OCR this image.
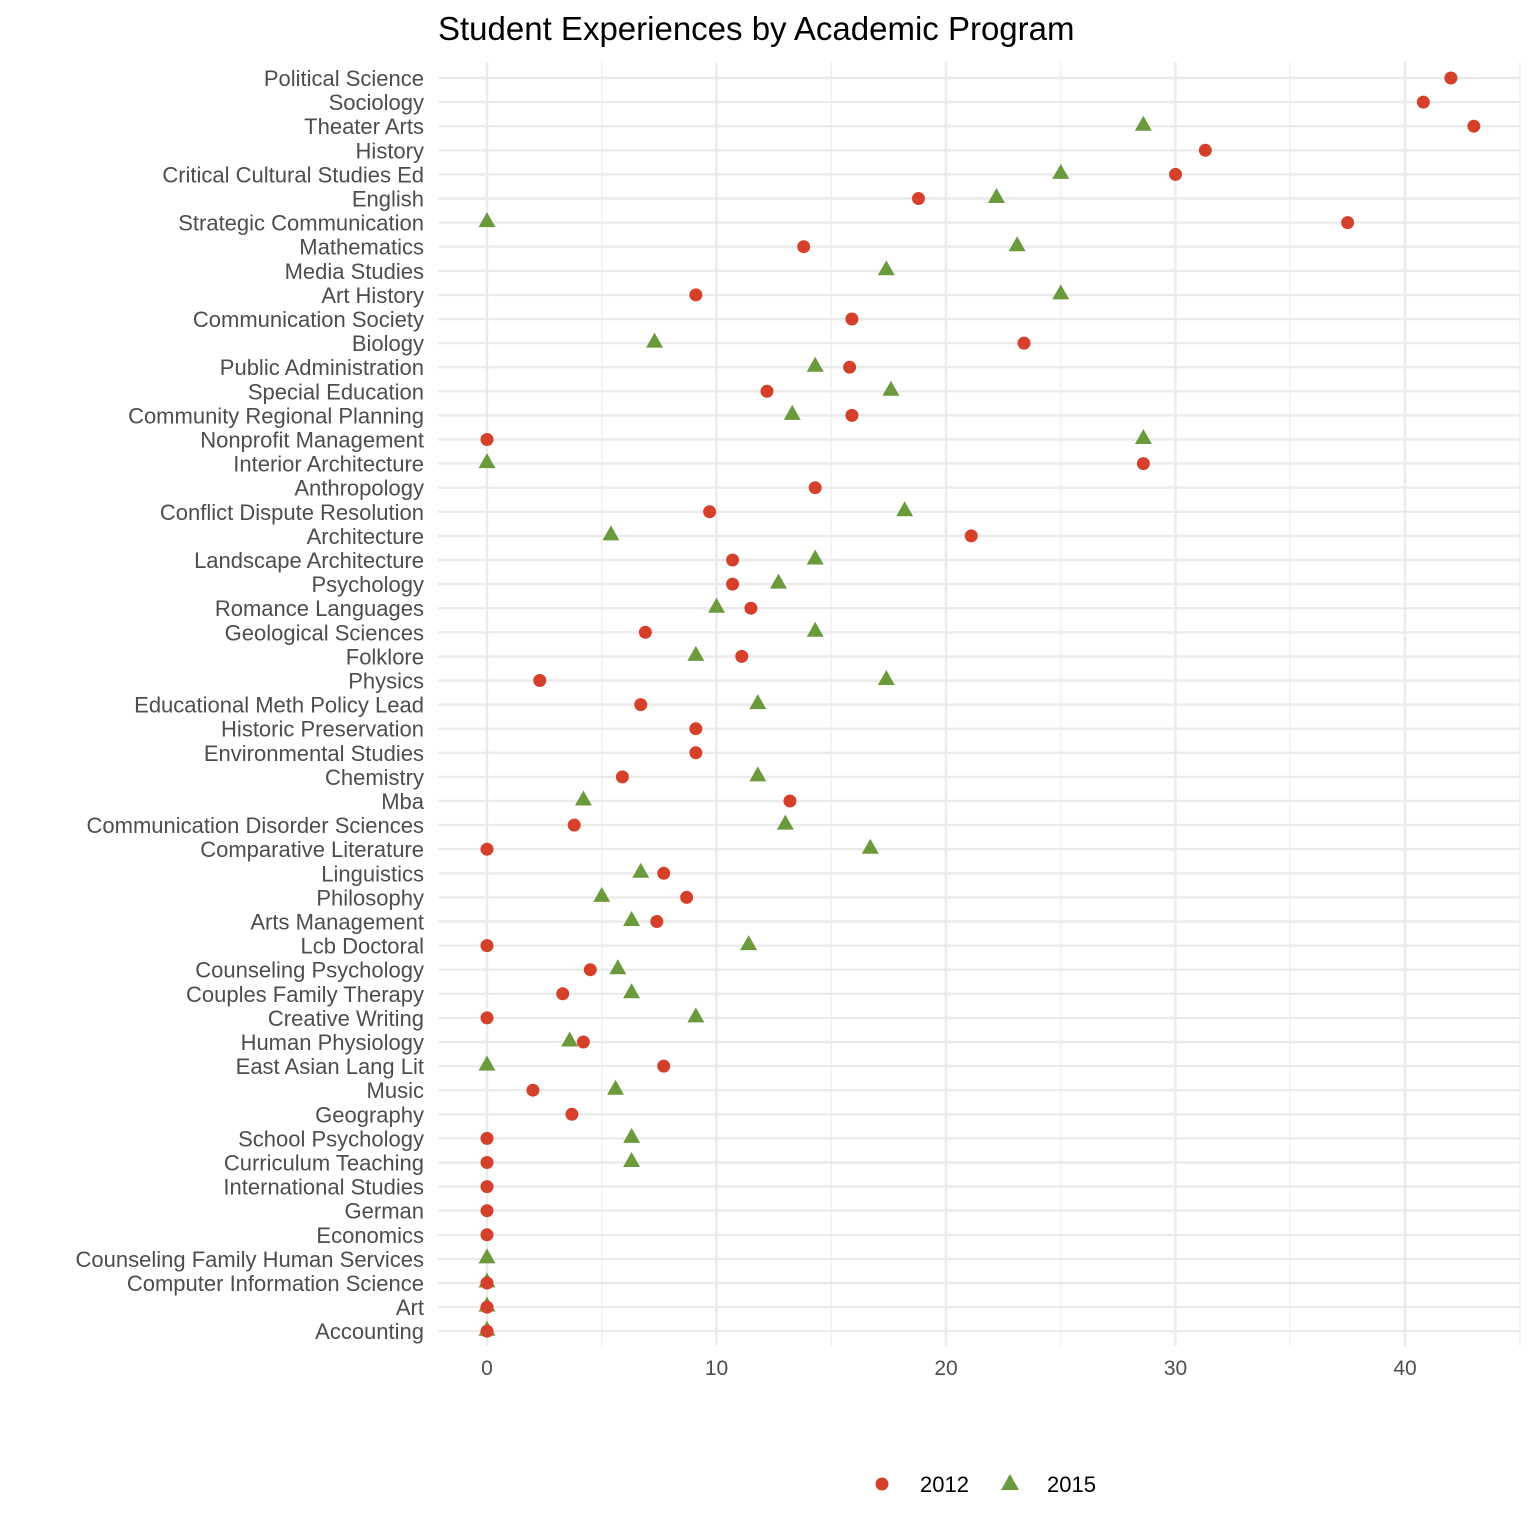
Student Experiences by Academic Program
Political Science
Sociology
Theater Arts
History
Critical Cultural Studies Ed
English
Strategic Communication
Mathematics
Media Studies
Art History
Communication Society
Biology
Public Administration
Special Education
Community Regional Planning
Nonprofit Management
Interior Architecture
Anthropology
Conflict Dispute Resolution
Architecture
Landscape Architecture
Psychology
Romance Languages
Geological Sciences
Folklore
Physics
Educational Meth Policy Lead
Historic Preservation
Environmental Studies
Chemistry
Mba
Communication Disorder Sciences
Comparative Literature
Linguistics
Philosophy
Arts Management
Lcb Doctoral
Counseling Psychology
Couples Family Therapy
Creative Writing
Human Physiology
East Asian Lang Lit
Music
Geography
School Psychology
Curriculum Teaching
International Studies
German
Economics
Counseling Family Human Services
Computer Information Science
Art
Accounting
0	10	20	30	40
2012	2015
